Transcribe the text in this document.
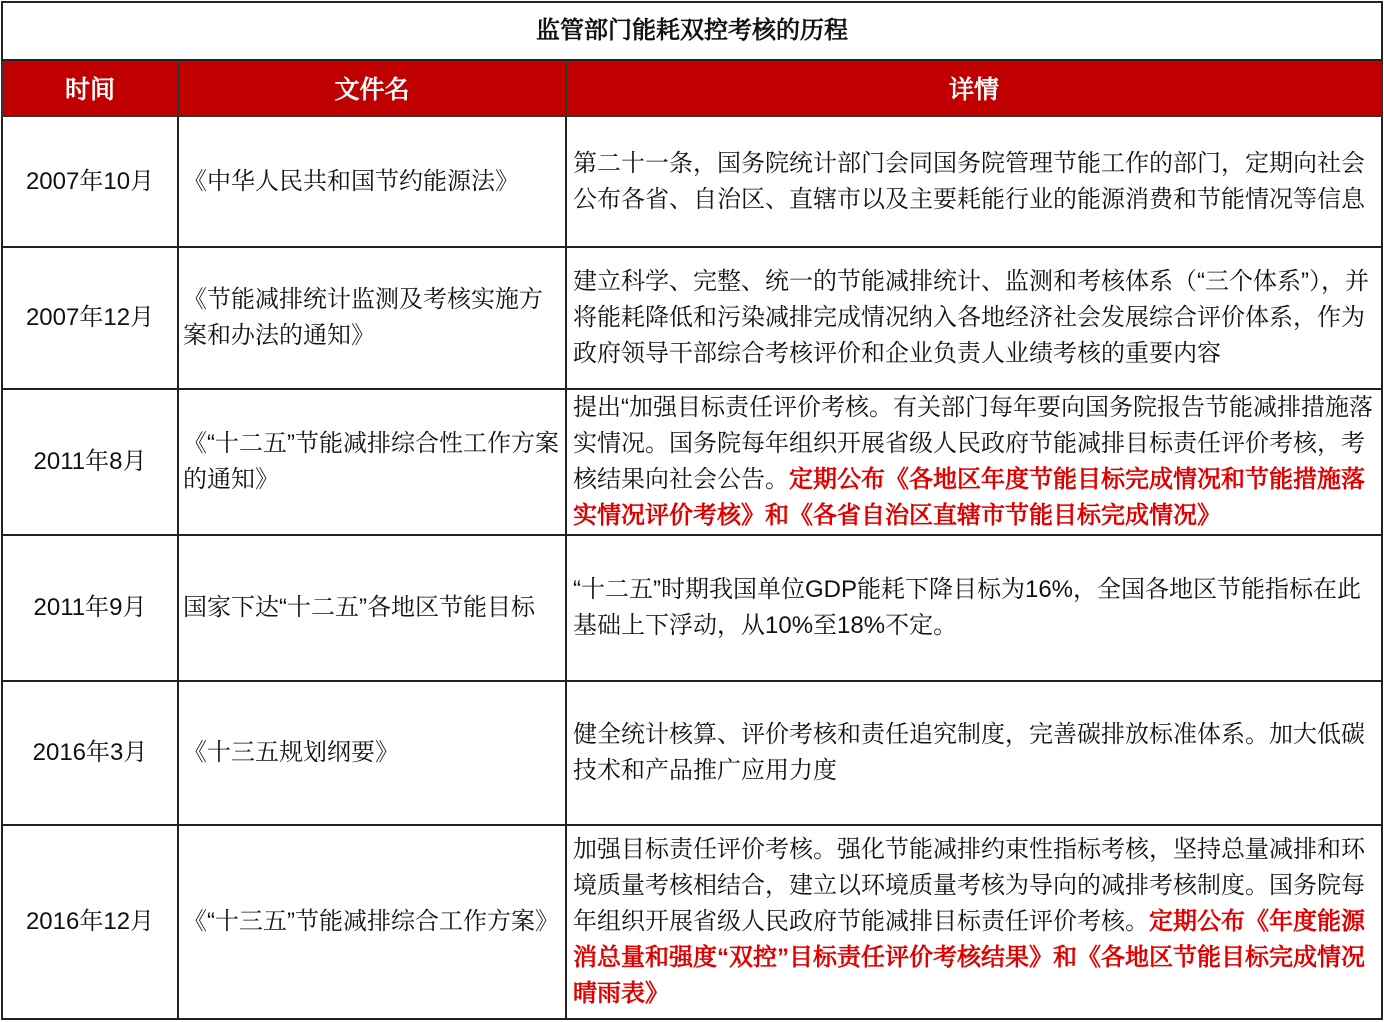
监管部门能耗双控考核的历程		
时间	文件名	详情
2007年10月	《中华人民共和国节约能源法》	第二十一条，国务院统计部门会同国务院管理节能工作的部门，定期向社会公布各省、自治区、直辖市以及主要耗能行业的能源消费和节能情况等信息
2007年12月	《节能减排统计监测及考核实施方案和办法的通知》	建立科学、完整、统一的节能减排统计、监测和考核体系（“三个体系”），并将能耗降低和污染减排完成情况纳入各地经济社会发展综合评价体系，作为政府领导干部综合考核评价和企业负责人业绩考核的重要内容
2011年8月	《“十二五”节能减排综合性工作方案的通知》	提出“加强目标责任评价考核。有关部门每年要向国务院报告节能减排措施落实情况。国务院每年组织开展省级人民政府节能减排目标责任评价考核，考核结果向社会公告。定期公布《各地区年度节能目标完成情况和节能措施落实情况评价考核》和《各省自治区直辖市节能目标完成情况》
2011年9月	国家下达“十二五”各地区节能目标	“十二五”时期我国单位GDP能耗下降目标为16%，全国各地区节能指标在此基础上下浮动，从10%至18%不定。
2016年3月	《十三五规划纲要》	健全统计核算、评价考核和责任追究制度，完善碳排放标准体系。加大低碳技术和产品推广应用力度
2016年12月	《“十三五”节能减排综合工作方案》	加强目标责任评价考核。强化节能减排约束性指标考核，坚持总量减排和环境质量考核相结合，建立以环境质量考核为导向的减排考核制度。国务院每年组织开展省级人民政府节能减排目标责任评价考核。定期公布《年度能源消总量和强度“双控”目标责任评价考核结果》和《各地区节能目标完成情况晴雨表》
